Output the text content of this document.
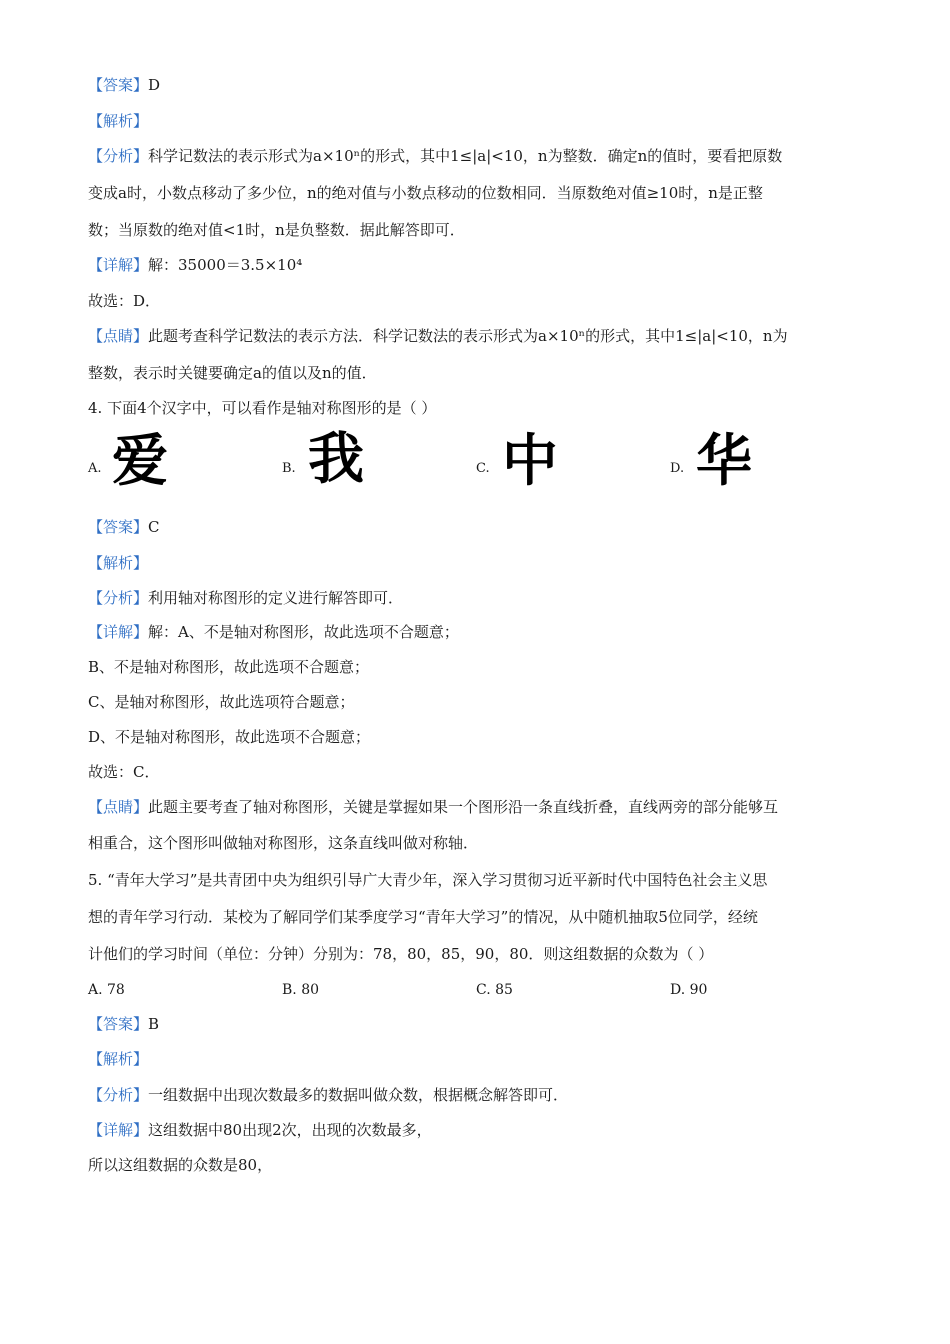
【答案】D
【解析】
【分析】科学记数法的表示形式为a×10ⁿ的形式，其中1≤|a|<10，n为整数．确定n的值时，要看把原数
变成a时，小数点移动了多少位，n的绝对值与小数点移动的位数相同．当原数绝对值≥10时，n是正整
数；当原数的绝对值<1时，n是负整数．据此解答即可．
【详解】解：35000＝3.5×10⁴
故选：D．
【点睛】此题考查科学记数法的表示方法．科学记数法的表示形式为a×10ⁿ的形式，其中1≤|a|<10，n为
整数，表示时关键要确定a的值以及n的值．
4. 下面4个汉字中，可以看作是轴对称图形的是（ ）
A. 爱	B. 我	C. 中	D. 华
【答案】C
【解析】
【分析】利用轴对称图形的定义进行解答即可．
【详解】解：A、不是轴对称图形，故此选项不合题意；
B、不是轴对称图形，故此选项不合题意；
C、是轴对称图形，故此选项符合题意；
D、不是轴对称图形，故此选项不合题意；
故选：C．
【点睛】此题主要考查了轴对称图形，关键是掌握如果一个图形沿一条直线折叠，直线两旁的部分能够互
相重合，这个图形叫做轴对称图形，这条直线叫做对称轴．
5. “青年大学习”是共青团中央为组织引导广大青少年，深入学习贯彻习近平新时代中国特色社会主义思
想的青年学习行动．某校为了解同学们某季度学习“青年大学习”的情况，从中随机抽取5位同学，经统
计他们的学习时间（单位：分钟）分别为：78，80，85，90，80．则这组数据的众数为（ ）
A. 78	B. 80	C. 85	D. 90
【答案】B
【解析】
【分析】一组数据中出现次数最多的数据叫做众数，根据概念解答即可．
【详解】这组数据中80出现2次，出现的次数最多，
所以这组数据的众数是80，
